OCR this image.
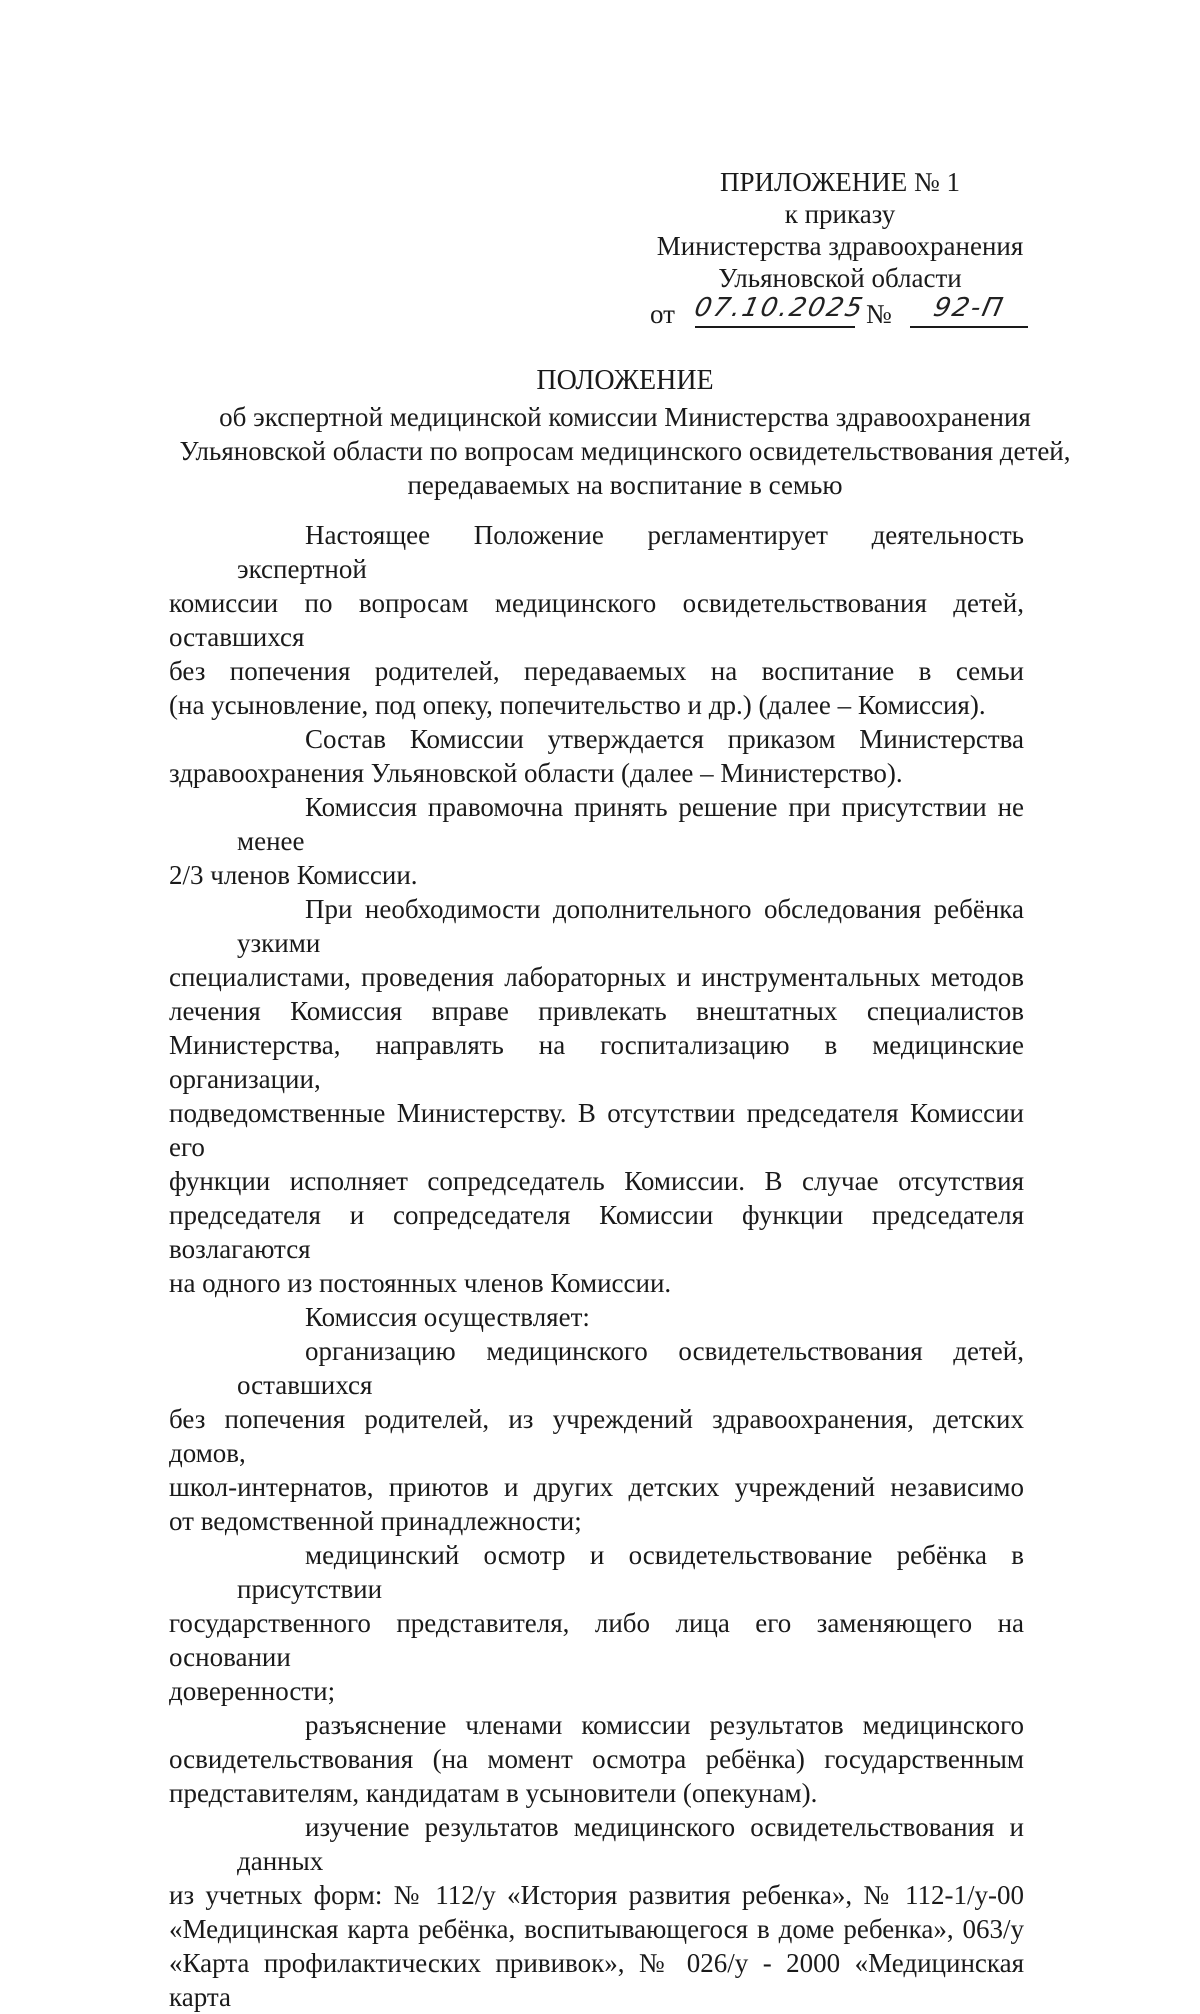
ПРИЛОЖЕНИЕ № 1
к приказу
Министерства здравоохранения
Ульяновской области
от 07.10.2025
№	92-П
ПОЛОЖЕНИЕ
об экспертной медицинской комиссии Министерства здравоохранения
Ульяновской области по вопросам медицинского освидетельствования детей,
передаваемых на воспитание в семью
Настоящее Положение регламентирует деятельность экспертной
комиссии по вопросам медицинского освидетельствования детей, оставшихся
без попечения родителей, передаваемых на воспитание в семьи
(на усыновление, под опеку, попечительство и др.) (далее – Комиссия).
Состав Комиссии утверждается приказом Министерства
здравоохранения Ульяновской области (далее – Министерство).
Комиссия правомочна принять решение при присутствии не менее
2/3 членов Комиссии.
При необходимости дополнительного обследования ребёнка узкими
специалистами, проведения лабораторных и инструментальных методов
лечения Комиссия вправе привлекать внештатных специалистов
Министерства, направлять на госпитализацию в медицинские организации,
подведомственные Министерству. В отсутствии председателя Комиссии его
функции исполняет сопредседатель Комиссии. В случае отсутствия
председателя и сопредседателя Комиссии функции председателя возлагаются
на одного из постоянных членов Комиссии.
Комиссия осуществляет:
организацию медицинского освидетельствования детей, оставшихся
без попечения родителей, из учреждений здравоохранения, детских домов,
школ-интернатов, приютов и других детских учреждений независимо
от ведомственной принадлежности;
медицинский осмотр и освидетельствование ребёнка в присутствии
государственного представителя, либо лица его заменяющего на основании
доверенности;
разъяснение членами комиссии результатов медицинского
освидетельствования (на момент осмотра ребёнка) государственным
представителям, кандидатам в усыновители (опекунам).
изучение результатов медицинского освидетельствования и данных
из учетных форм: № 112/у «История развития ребенка», № 112-1/у-00
«Медицинская карта ребёнка, воспитывающегося в доме ребенка», 063/у
«Карта профилактических прививок», № 026/у - 2000 «Медицинская карта
